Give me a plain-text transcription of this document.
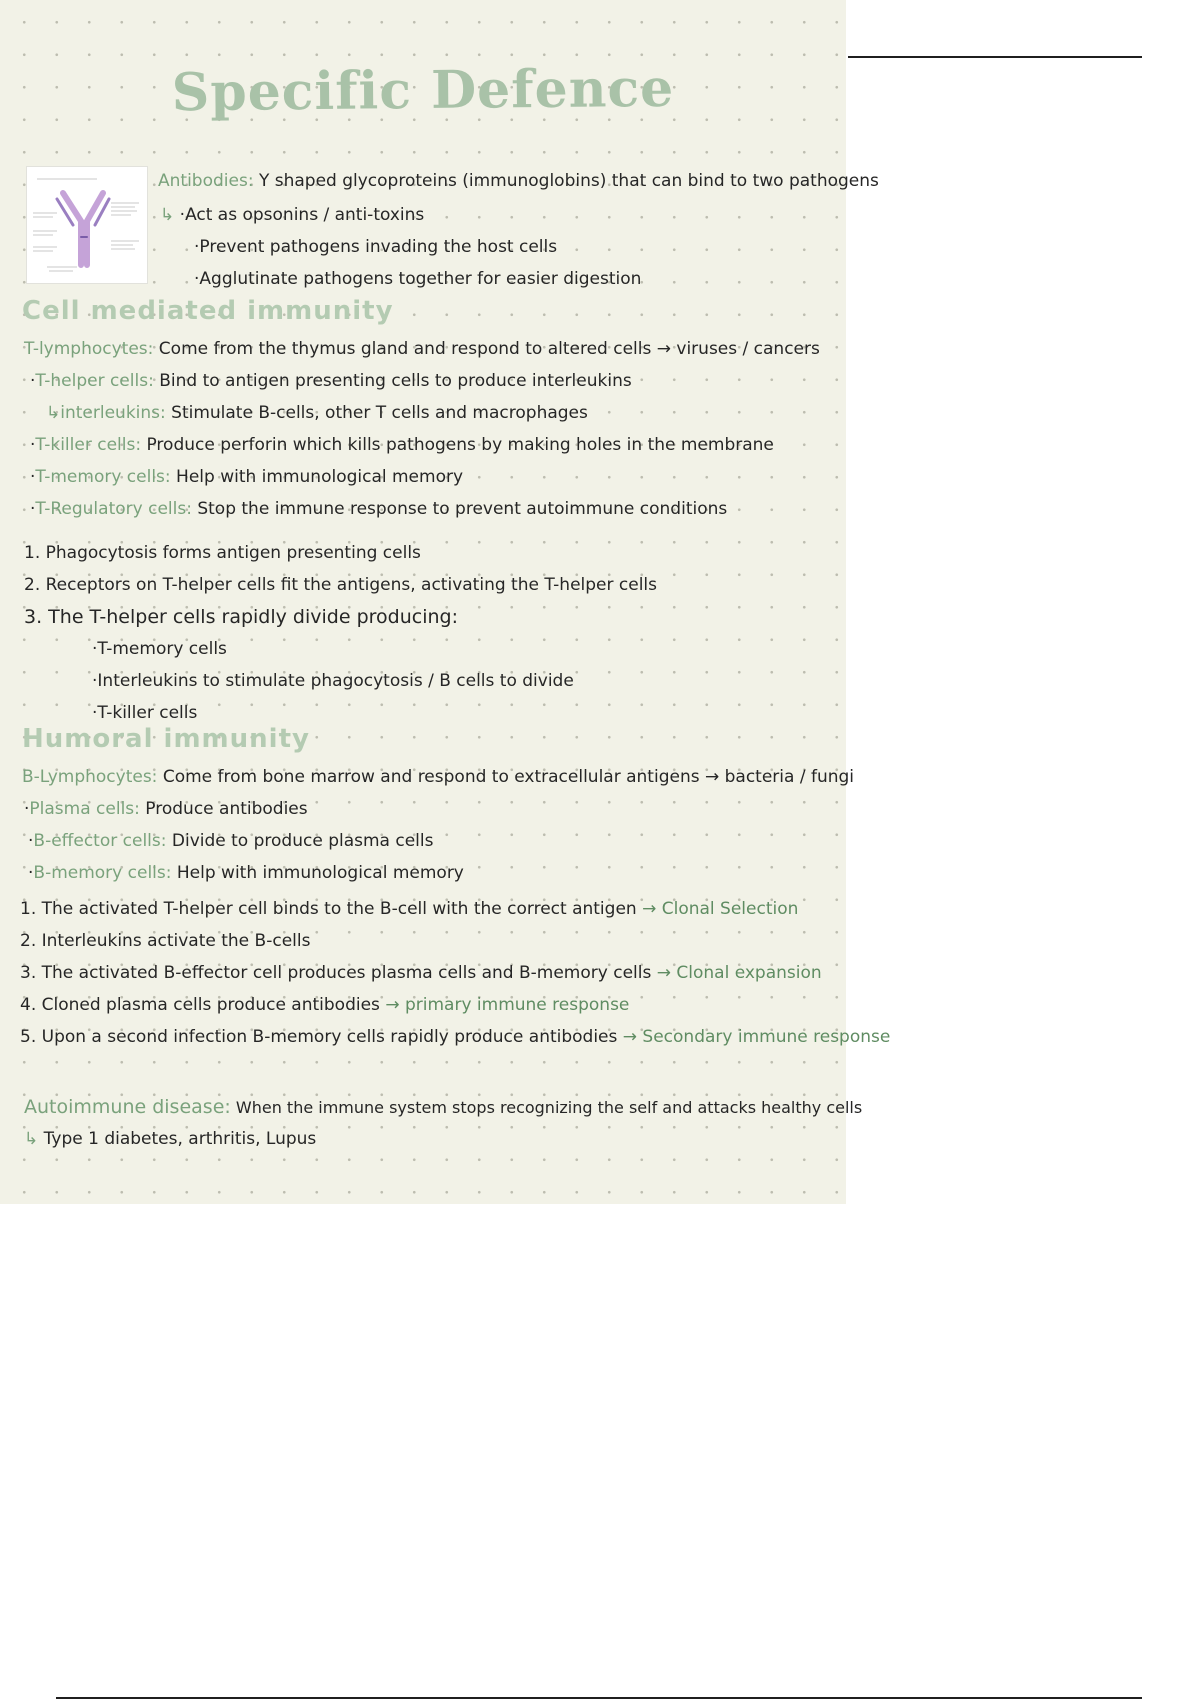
Specific Defence
Antibodies: Y shaped glycoproteins (immunoglobins) that can bind to two pathogens
↳ ·Act as opsonins / anti-toxins
·Prevent pathogens invading the host cells
·Agglutinate pathogens together for easier digestion
Cell mediated immunity
T-lymphocytes: Come from the thymus gland and respond to altered cells → viruses / cancers
·T-helper cells: Bind to antigen presenting cells to produce interleukins
↳interleukins: Stimulate B-cells, other T cells and macrophages
·T-killer cells: Produce perforin which kills pathogens by making holes in the membrane
·T-memory cells: Help with immunological memory
·T-Regulatory cells: Stop the immune response to prevent autoimmune conditions
1. Phagocytosis forms antigen presenting cells
2. Receptors on T-helper cells fit the antigens, activating the T-helper cells
3. The T-helper cells rapidly divide producing:
·T-memory cells
·Interleukins to stimulate phagocytosis / B cells to divide
·T-killer cells
Humoral immunity
B-Lymphocytes: Come from bone marrow and respond to extracellular antigens → bacteria / fungi
·Plasma cells: Produce antibodies
·B-effector cells: Divide to produce plasma cells
·B-memory cells: Help with immunological memory
1. The activated T-helper cell binds to the B-cell with the correct antigen → Clonal Selection
2. Interleukins activate the B-cells
3. The activated B-effector cell produces plasma cells and B-memory cells → Clonal expansion
4. Cloned plasma cells produce antibodies → primary immune response
5. Upon a second infection B-memory cells rapidly produce antibodies → Secondary immune response
Autoimmune disease: When the immune system stops recognizing the self and attacks healthy cells
↳ Type 1 diabetes, arthritis, Lupus
